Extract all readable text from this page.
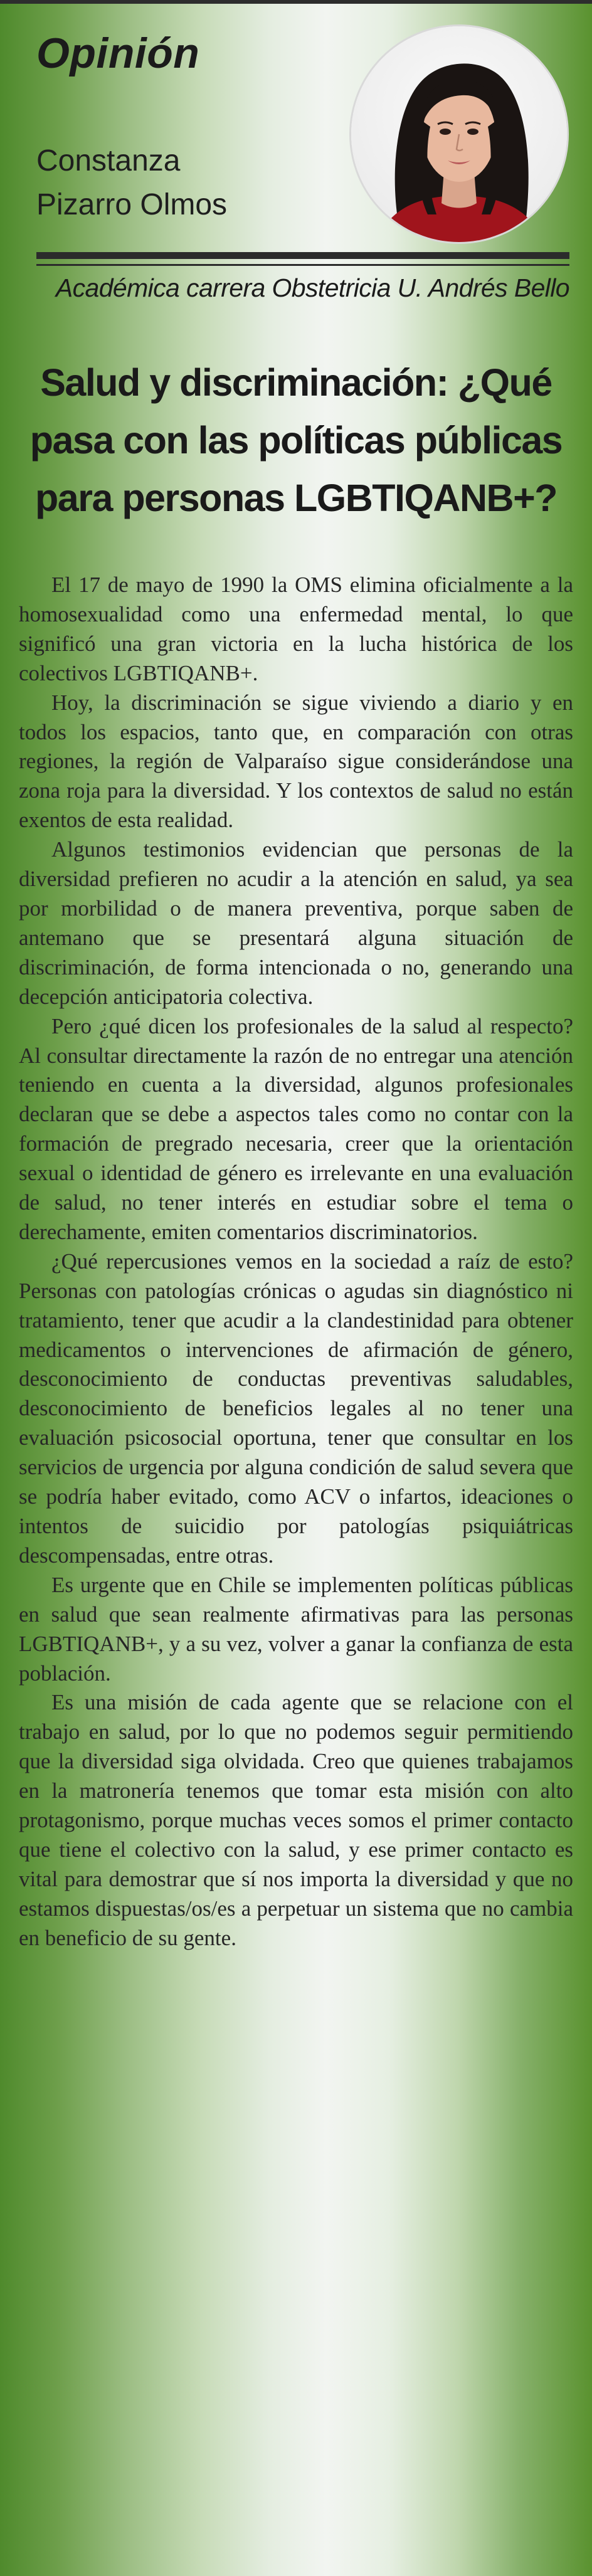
Opinión
Constanza
Pizarro Olmos
Académica carrera Obstetricia U. Andrés Bello
Salud y discriminación: ¿Qué pasa con las políticas públicas para personas LGBTIQANB+?

El 17 de mayo de 1990 la OMS elimina oficialmente a la homosexualidad como una enfermedad mental, lo que significó una gran victoria en la lucha histórica de los colectivos LGBTIQANB+.

Hoy, la discriminación se sigue viviendo a diario y en todos los espacios, tanto que, en comparación con otras regiones, la región de Valparaíso sigue considerándose una zona roja para la diversidad. Y los contextos de salud no están exentos de esta realidad.

Algunos testimonios evidencian que personas de la diversidad prefieren no acudir a la atención en salud, ya sea por morbilidad o de manera preventiva, porque saben de antemano que se presentará alguna situación de discriminación, de forma intencionada o no, generando una decepción anticipatoria colectiva.

Pero ¿qué dicen los profesionales de la salud al respecto? Al consultar directamente la razón de no entregar una atención teniendo en cuenta a la diversidad, algunos profesionales declaran que se debe a aspectos tales como no contar con la formación de pregrado necesaria, creer que la orientación sexual o identidad de género es irrelevante en una evaluación de salud, no tener interés en estudiar sobre el tema o derechamente, emiten comentarios discriminatorios.

¿Qué repercusiones vemos en la sociedad a raíz de esto? Personas con patologías crónicas o agudas sin diagnóstico ni tratamiento, tener que acudir a la clandestinidad para obtener medicamentos o intervenciones de afirmación de género, desconocimiento de conductas preventivas saludables, desconocimiento de beneficios legales al no tener una evaluación psicosocial oportuna, tener que consultar en los servicios de urgencia por alguna condición de salud severa que se podría haber evitado, como ACV o infartos, ideaciones o intentos de suicidio por patologías psiquiátricas descompensadas, entre otras.

Es urgente que en Chile se implementen políticas públicas en salud que sean realmente afirmativas para las personas LGBTIQANB+, y a su vez, volver a ganar la confianza de esta población.

Es una misión de cada agente que se relacione con el trabajo en salud, por lo que no podemos seguir permitiendo que la diversidad siga olvidada. Creo que quienes trabajamos en la matronería tenemos que tomar esta misión con alto protagonismo, porque muchas veces somos el primer contacto que tiene el colectivo con la salud, y ese primer contacto es vital para demostrar que sí nos importa la diversidad y que no estamos dispuestas/os/es a perpetuar un sistema que no cambia en beneficio de su gente.
